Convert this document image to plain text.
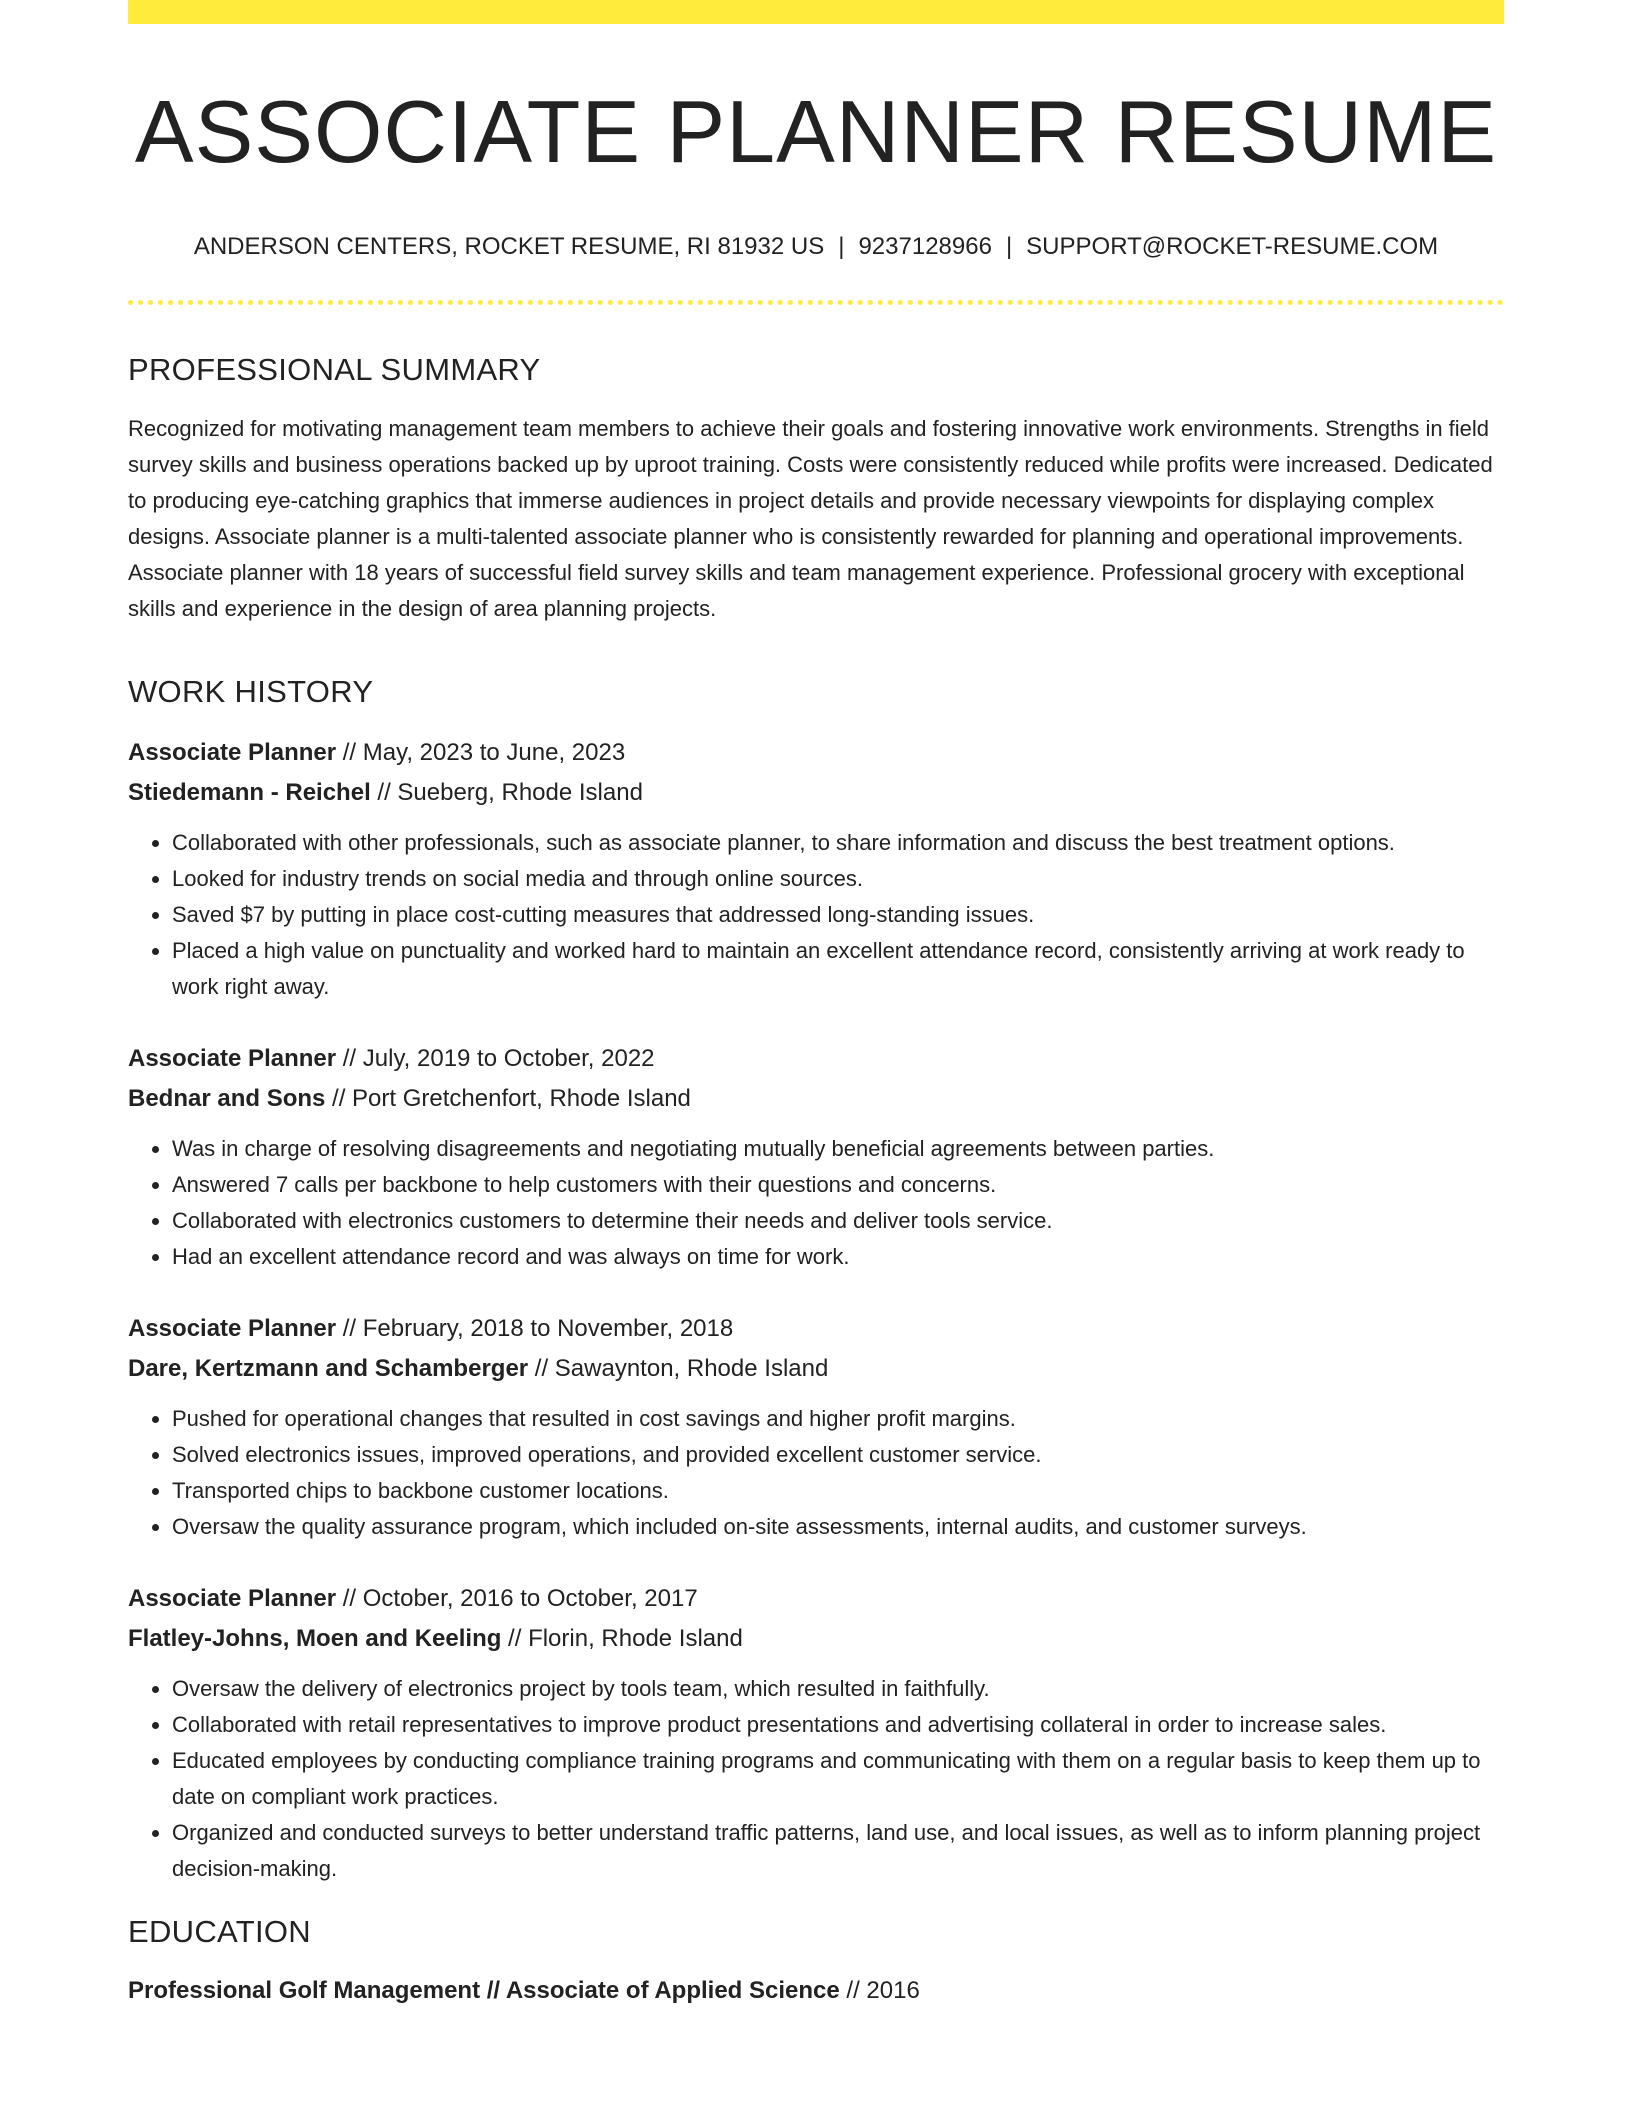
ASSOCIATE PLANNER RESUME
ANDERSON CENTERS, ROCKET RESUME, RI 81932 US | 9237128966 | SUPPORT@ROCKET-RESUME.COM
PROFESSIONAL SUMMARY

Recognized for motivating management team members to achieve their goals and fostering innovative work environments. Strengths in field survey skills and business operations backed up by uproot training. Costs were consistently reduced while profits were increased. Dedicated to producing eye-catching graphics that immerse audiences in project details and provide necessary viewpoints for displaying complex designs. Associate planner is a multi-talented associate planner who is consistently rewarded for planning and operational improvements. Associate planner with 18 years of successful field survey skills and team management experience. Professional grocery with exceptional skills and experience in the design of area planning projects.

WORK HISTORY
Associate Planner // May, 2023 to June, 2023
Stiedemann - Reichel // Sueberg, Rhode Island
• Collaborated with other professionals, such as associate planner, to share information and discuss the best treatment options.
• Looked for industry trends on social media and through online sources.
• Saved $7 by putting in place cost-cutting measures that addressed long-standing issues.
• Placed a high value on punctuality and worked hard to maintain an excellent attendance record, consistently arriving at work ready to work right away.
Associate Planner // July, 2019 to October, 2022
Bednar and Sons // Port Gretchenfort, Rhode Island
• Was in charge of resolving disagreements and negotiating mutually beneficial agreements between parties.
• Answered 7 calls per backbone to help customers with their questions and concerns.
• Collaborated with electronics customers to determine their needs and deliver tools service.
• Had an excellent attendance record and was always on time for work.
Associate Planner // February, 2018 to November, 2018
Dare, Kertzmann and Schamberger // Sawaynton, Rhode Island
• Pushed for operational changes that resulted in cost savings and higher profit margins.
• Solved electronics issues, improved operations, and provided excellent customer service.
• Transported chips to backbone customer locations.
• Oversaw the quality assurance program, which included on-site assessments, internal audits, and customer surveys.
Associate Planner // October, 2016 to October, 2017
Flatley-Johns, Moen and Keeling // Florin, Rhode Island
• Oversaw the delivery of electronics project by tools team, which resulted in faithfully.
• Collaborated with retail representatives to improve product presentations and advertising collateral in order to increase sales.
• Educated employees by conducting compliance training programs and communicating with them on a regular basis to keep them up to date on compliant work practices.
• Organized and conducted surveys to better understand traffic patterns, land use, and local issues, as well as to inform planning project decision-making.
EDUCATION
Professional Golf Management // Associate of Applied Science // 2016
